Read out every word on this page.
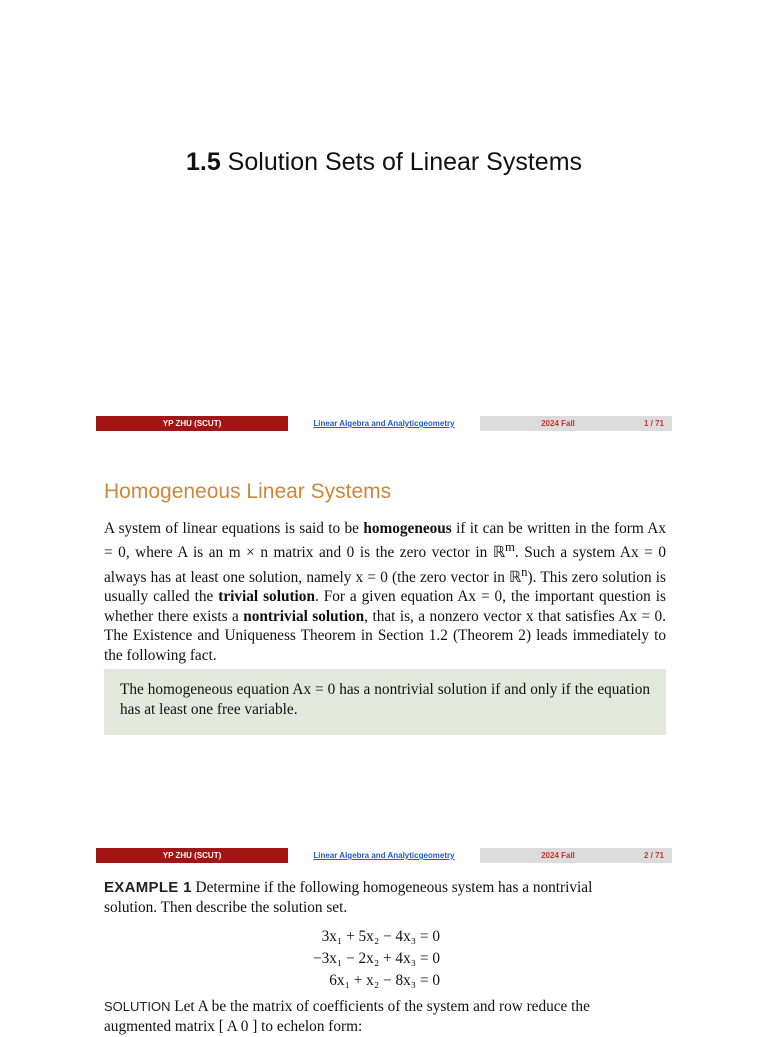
1.5 Solution Sets of Linear Systems
YP ZHU (SCUT)	Linear Algebra and Analyticgeometry	2024 Fall	1 / 71
Homogeneous Linear Systems
A system of linear equations is said to be homogeneous if it can be written in the form Ax = 0, where A is an m × n matrix and 0 is the zero vector in ℝ$^m$. Such a system Ax = 0 always has at least one solution, namely x = 0 (the zero vector in ℝ$^n$). This zero solution is usually called the trivial solution. For a given equation Ax = 0, the important question is whether there exists a nontrivial solution, that is, a nonzero vector x that satisfies Ax = 0. The Existence and Uniqueness Theorem in Section 1.2 (Theorem 2) leads immediately to the following fact.
The homogeneous equation Ax = 0 has a nontrivial solution if and only if the equation has at least one free variable.
YP ZHU (SCUT)	Linear Algebra and Analyticgeometry	2024 Fall	2 / 71
EXAMPLE 1 Determine if the following homogeneous system has a nontrivial solution. Then describe the solution set.
3x₁ + 5x₂ − 4x₃ = 0
−3x₁ − 2x₂ + 4x₃ = 0
6x₁ + x₂ − 8x₃ = 0
SOLUTION Let A be the matrix of coefficients of the system and row reduce the augmented matrix [ A 0 ] to echelon form:
